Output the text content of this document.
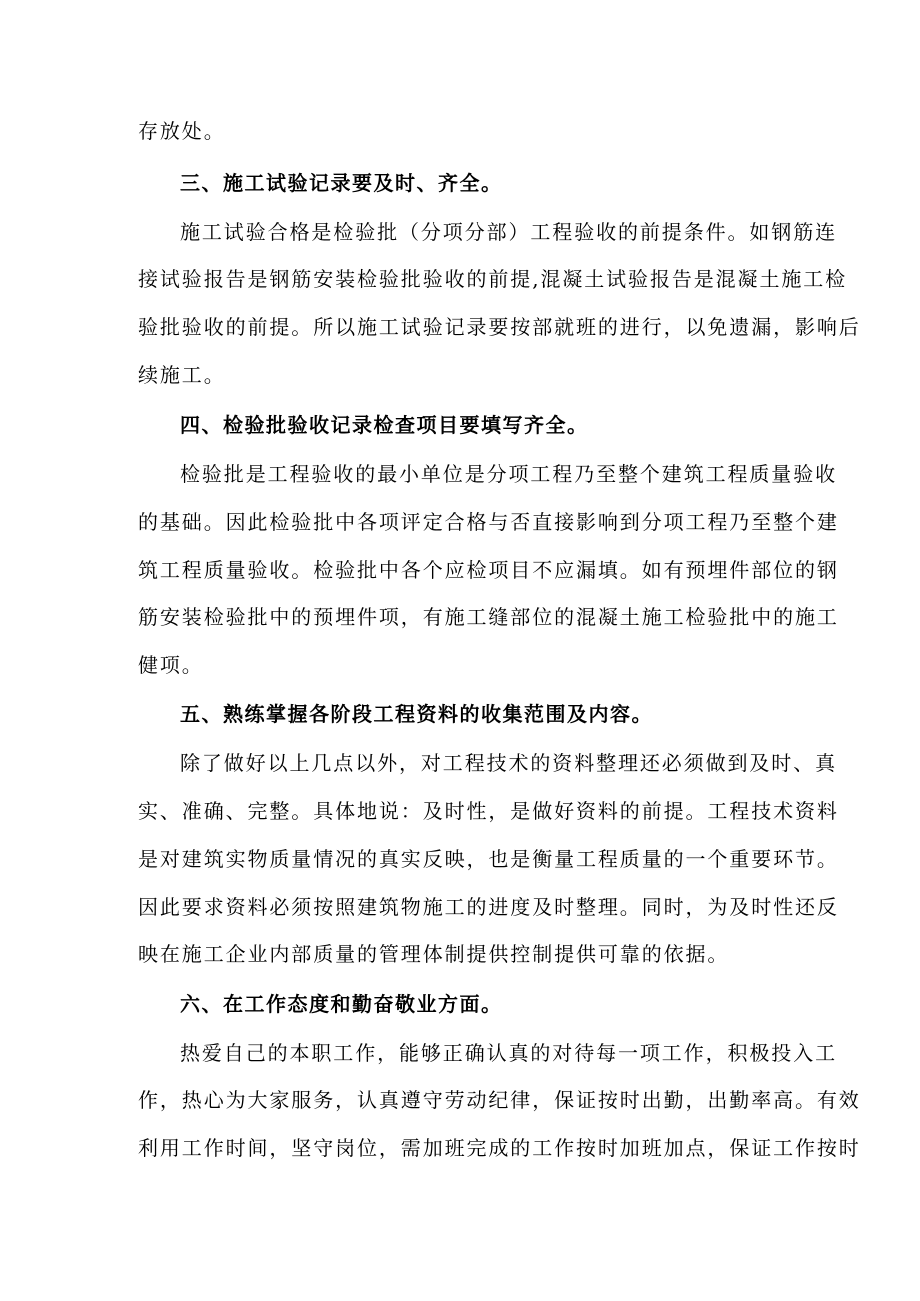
存放处。
三、施工试验记录要及时、齐全。
施工试验合格是检验批（分项分部）工程验收的前提条件。如钢筋连
接试验报告是钢筋安装检验批验收的前提,混凝土试验报告是混凝土施工检
验批验收的前提。所以施工试验记录要按部就班的进行，以免遗漏，影响后
续施工。
四、检验批验收记录检查项目要填写齐全。
检验批是工程验收的最小单位是分项工程乃至整个建筑工程质量验收
的基础。因此检验批中各项评定合格与否直接影响到分项工程乃至整个建
筑工程质量验收。检验批中各个应检项目不应漏填。如有预埋件部位的钢
筋安装检验批中的预埋件项，有施工缝部位的混凝土施工检验批中的施工
健项。
五、熟练掌握各阶段工程资料的收集范围及内容。
除了做好以上几点以外，对工程技术的资料整理还必须做到及时、真
实、准确、完整。具体地说：及时性，是做好资料的前提。工程技术资料
是对建筑实物质量情况的真实反映，也是衡量工程质量的一个重要环节。
因此要求资料必须按照建筑物施工的进度及时整理。同时，为及时性还反
映在施工企业内部质量的管理体制提供控制提供可靠的依据。
六、在工作态度和勤奋敬业方面。
热爱自己的本职工作，能够正确认真的对待每一项工作，积极投入工
作，热心为大家服务，认真遵守劳动纪律，保证按时出勤，出勤率高。有效
利用工作时间，坚守岗位，需加班完成的工作按时加班加点，保证工作按时
